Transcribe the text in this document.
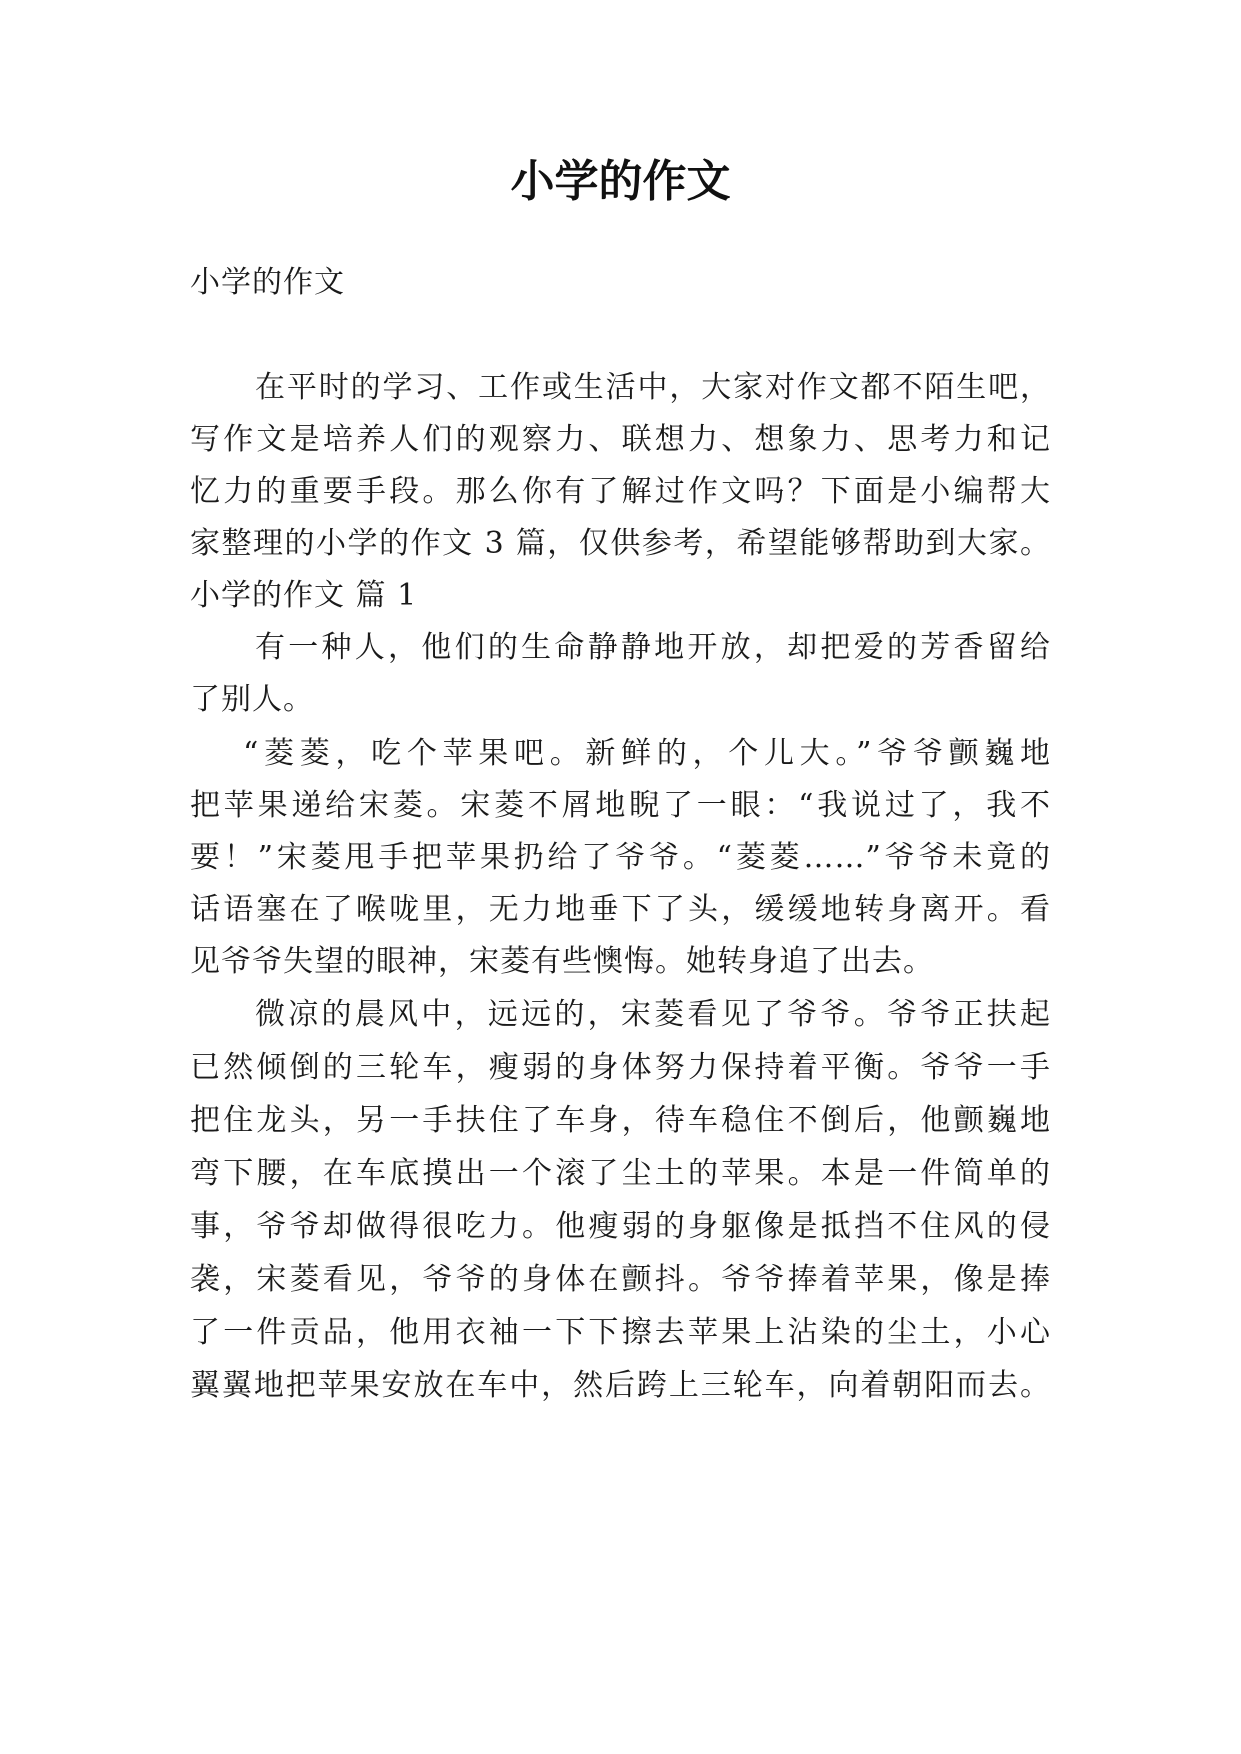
小学的作文
小学的作文
在平时的学习、工作或生活中，大家对作文都不陌生吧，
写作文是培养人们的观察力、联想力、想象力、思考力和记
忆力的重要手段。那么你有了解过作文吗？下面是小编帮大
家整理的小学的作文 3 篇，仅供参考，希望能够帮助到大家。
小学的作文 篇 1
有一种人，他们的生命静静地开放，却把爱的芳香留给
了别人。
“菱菱，吃个苹果吧。新鲜的，个儿大。”爷爷颤巍地
把苹果递给宋菱。宋菱不屑地睨了一眼：“我说过了，我不
要！”宋菱甩手把苹果扔给了爷爷。“菱菱……”爷爷未竟的
话语塞在了喉咙里，无力地垂下了头，缓缓地转身离开。看
见爷爷失望的眼神，宋菱有些懊悔。她转身追了出去。
微凉的晨风中，远远的，宋菱看见了爷爷。爷爷正扶起
已然倾倒的三轮车，瘦弱的身体努力保持着平衡。爷爷一手
把住龙头，另一手扶住了车身，待车稳住不倒后，他颤巍地
弯下腰，在车底摸出一个滚了尘土的苹果。本是一件简单的
事，爷爷却做得很吃力。他瘦弱的身躯像是抵挡不住风的侵
袭，宋菱看见，爷爷的身体在颤抖。爷爷捧着苹果，像是捧
了一件贡品，他用衣袖一下下擦去苹果上沾染的尘土，小心
翼翼地把苹果安放在车中，然后跨上三轮车，向着朝阳而去。
